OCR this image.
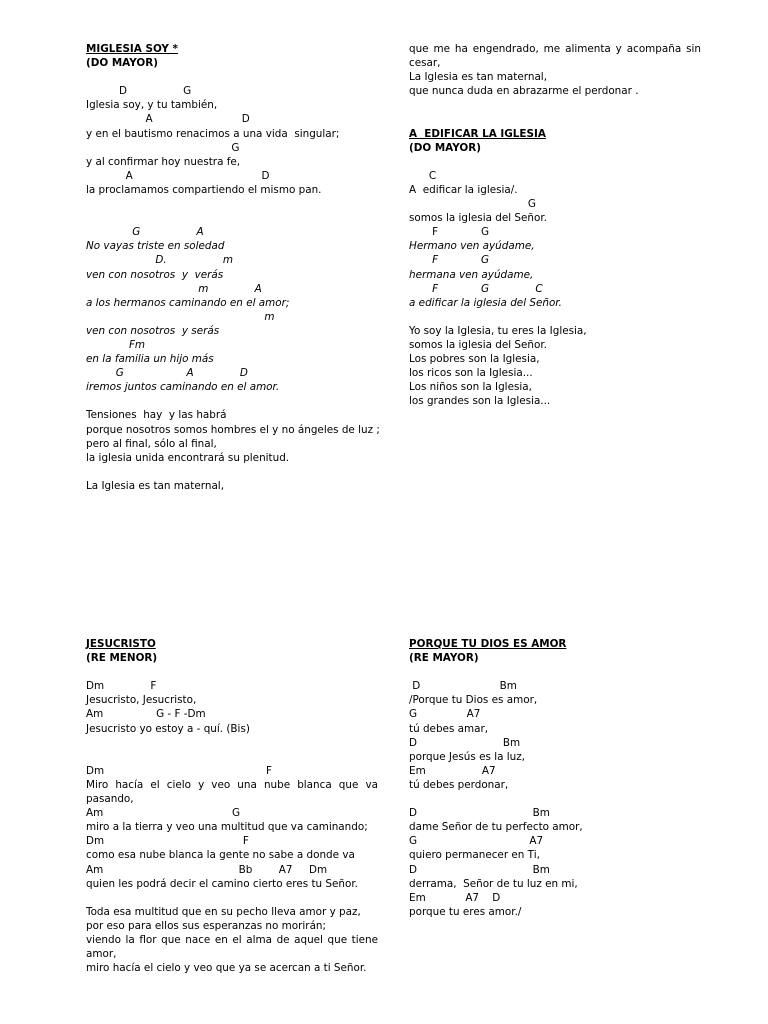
MIGLESIA SOY *
(DO MAYOR)
D                 G
Iglesia soy, y tu también,
A                           D
y en el bautismo renacimos a una vida  singular;
G
y al confirmar hoy nuestra fe,
A                                       D
la proclamamos compartiendo el mismo pan.
G                 A
No vayas triste en soledad
D.                 m
ven con nosotros  y  verás
m              A
a los hermanos caminando en el amor;
m
ven con nosotros  y serás
Fm
en la familia un hijo más
G                   A              D
iremos juntos caminando en el amor.
Tensiones  hay  y las habrá
porque nosotros somos hombres el y no ángeles de luz ;
pero al final, sólo al final,
la iglesia unida encontrará su plenitud.
La Iglesia es tan maternal,
que me ha engendrado, me alimenta y acompaña sin cesar,
La Iglesia es tan maternal,
que nunca duda en abrazarme el perdonar .
A  EDIFICAR LA IGLESIA
(DO MAYOR)
C
A  edificar la iglesia/.
G
somos la iglesia del Señor.
F             G
Hermano ven ayúdame,
F             G
hermana ven ayúdame,
F             G              C
a edificar la iglesia del Señor.
Yo soy la Iglesia, tu eres la Iglesia,
somos la iglesia del Señor.
Los pobres son la Iglesia,
los ricos son la Iglesia...
Los niños son la Iglesia,
los grandes son la Iglesia...
JESUCRISTO
(RE MENOR)
Dm              F
Jesucristo, Jesucristo,
Am                G - F -Dm
Jesucristo yo estoy a - quí. (Bis)
Dm                                                 F
Miro hacía el cielo y veo una nube blanca que va pasando,
Am                                       G
miro a la tierra y veo una multitud que va caminando;
Dm                                          F
como esa nube blanca la gente no sabe a donde va
Am                                         Bb        A7     Dm
quien les podrá decir el camino cierto eres tu Señor.
Toda esa multitud que en su pecho lleva amor y paz,
por eso para ellos sus esperanzas no morirán;
viendo la flor que nace en el alma de aquel que tiene amor,
miro hacía el cielo y veo que ya se acercan a ti Señor.
PORQUE TU DIOS ES AMOR
(RE MAYOR)
D                        Bm
/Porque tu Dios es amor,
G               A7
tú debes amar,
D                          Bm
porque Jesús es la luz,
Em                 A7
tú debes perdonar,
D                                   Bm
dame Señor de tu perfecto amor,
G                                  A7
quiero permanecer en Ti,
D                                   Bm
derrama,  Señor de tu luz en mi,
Em            A7    D
porque tu eres amor./
